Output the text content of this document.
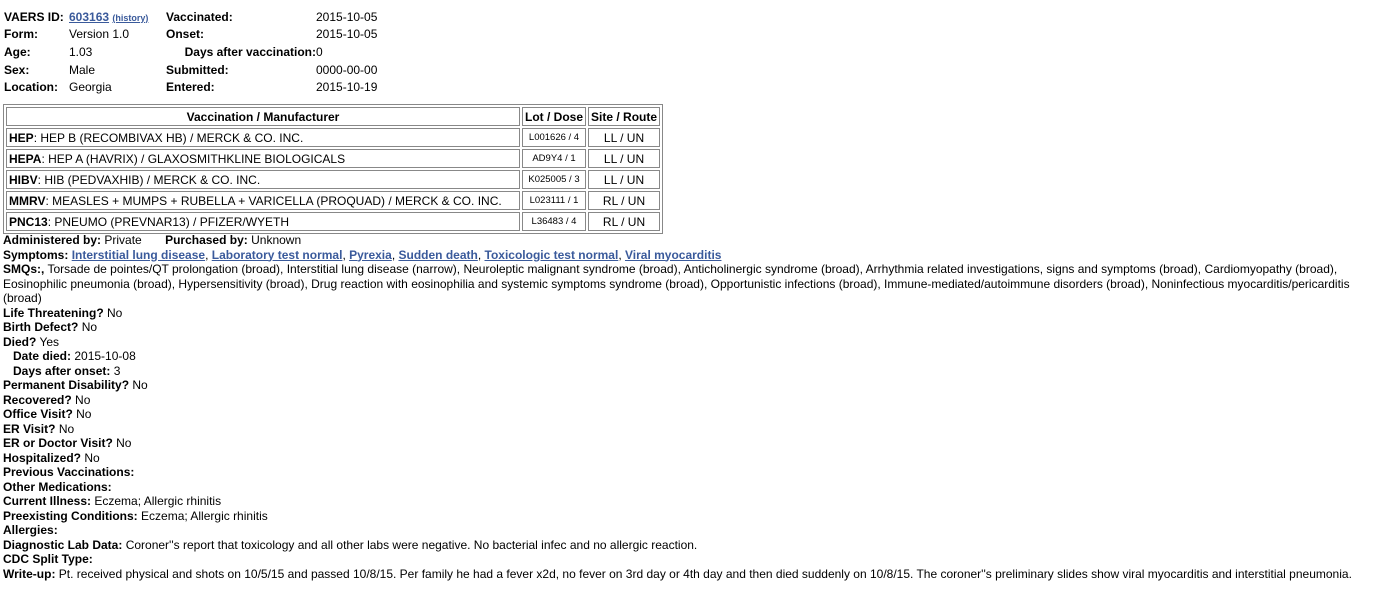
VAERS ID:	603163 (history)	Vaccinated:	2015-10-05
Form:	Version 1.0	Onset:	2015-10-05
Age:	1.03	Days after vaccination:	0
Sex:	Male	Submitted:	0000-00-00
Location:	Georgia	Entered:	2015-10-19
Vaccination / Manufacturer	Lot / Dose	Site / Route
HEP: HEP B (RECOMBIVAX HB) / MERCK & CO. INC.	L001626 / 4	LL / UN
HEPA: HEP A (HAVRIX) / GLAXOSMITHKLINE BIOLOGICALS	AD9Y4 / 1	LL / UN
HIBV: HIB (PEDVAXHIB) / MERCK & CO. INC.	K025005 / 3	LL / UN
MMRV: MEASLES + MUMPS + RUBELLA + VARICELLA (PROQUAD) / MERCK & CO. INC.	L023111 / 1	RL / UN
PNC13: PNEUMO (PREVNAR13) / PFIZER/WYETH	L36483 / 4	RL / UN
Administered by: Private Purchased by: Unknown
Symptoms: Interstitial lung disease, Laboratory test normal, Pyrexia, Sudden death, Toxicologic test normal, Viral myocarditis
SMQs:, Torsade de pointes/QT prolongation (broad), Interstitial lung disease (narrow), Neuroleptic malignant syndrome (broad), Anticholinergic syndrome (broad), Arrhythmia related investigations, signs and symptoms (broad), Cardiomyopathy (broad), Eosinophilic pneumonia (broad), Hypersensitivity (broad), Drug reaction with eosinophilia and systemic symptoms syndrome (broad), Opportunistic infections (broad), Immune-mediated/autoimmune disorders (broad), Noninfectious myocarditis/pericarditis (broad)
Life Threatening? No
Birth Defect? No
Died? Yes
Date died: 2015-10-08
Days after onset: 3
Permanent Disability? No
Recovered? No
Office Visit? No
ER Visit? No
ER or Doctor Visit? No
Hospitalized? No
Previous Vaccinations:
Other Medications:
Current Illness: Eczema; Allergic rhinitis
Preexisting Conditions: Eczema; Allergic rhinitis
Allergies:
Diagnostic Lab Data: Coroner''s report that toxicology and all other labs were negative. No bacterial infec and no allergic reaction.
CDC Split Type:
Write-up: Pt. received physical and shots on 10/5/15 and passed 10/8/15. Per family he had a fever x2d, no fever on 3rd day or 4th day and then died suddenly on 10/8/15. The coroner''s preliminary slides show viral myocarditis and interstitial pneumonia.
